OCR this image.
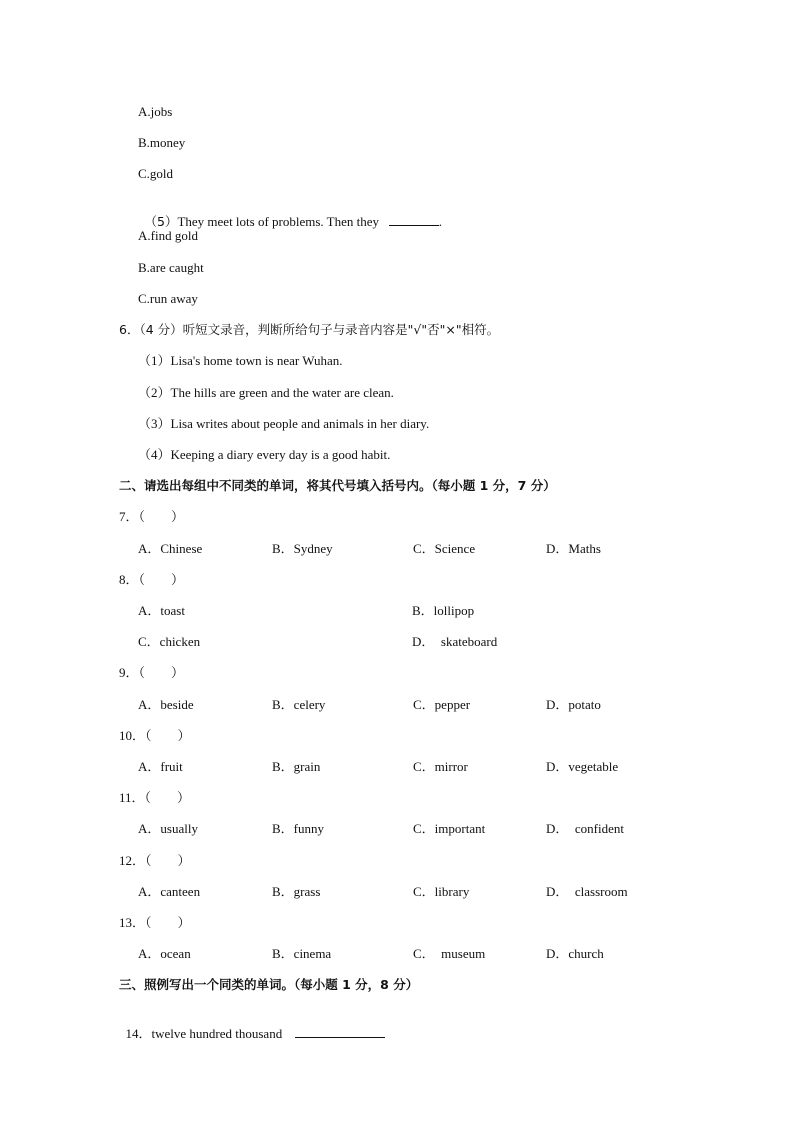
A.jobs
B.money
C.gold

（5）They meet lots of problems. Then they	.

A.find gold
B.are caught
C.run away
6．（4 分）听短文录音，判断所给句子与录音内容是"√"否"×"相符。
（1）Lisa's home town is near Wuhan.
（2）The hills are green and the water are clean.
（3）Lisa writes about people and animals in her diary.
（4）Keeping a diary every day is a good habit.
二、请选出每组中不同类的单词，将其代号填入括号内。（每小题 1 分，7 分）
7．（　　）
A．Chinese	B．Sydney	C．Science	D．Maths
8．（　　）
A．toast	B．lollipop
C．chicken	D．　skateboard
9．（　　）
A．beside	B．celery	C．pepper	D．potato
10．（　　）
A．fruit	B．grain	C．mirror	D．vegetable
11．（　　）
A．usually	B．funny	C．important	D．　confident
12．（　　）
A．canteen	B．grass	C．library	D．　classroom
13．（　　）
A．ocean	B．cinema	C．　museum	D．church
三、照例写出一个同类的单词。（每小题 1 分，8 分）

14．twelve hundred thousand
